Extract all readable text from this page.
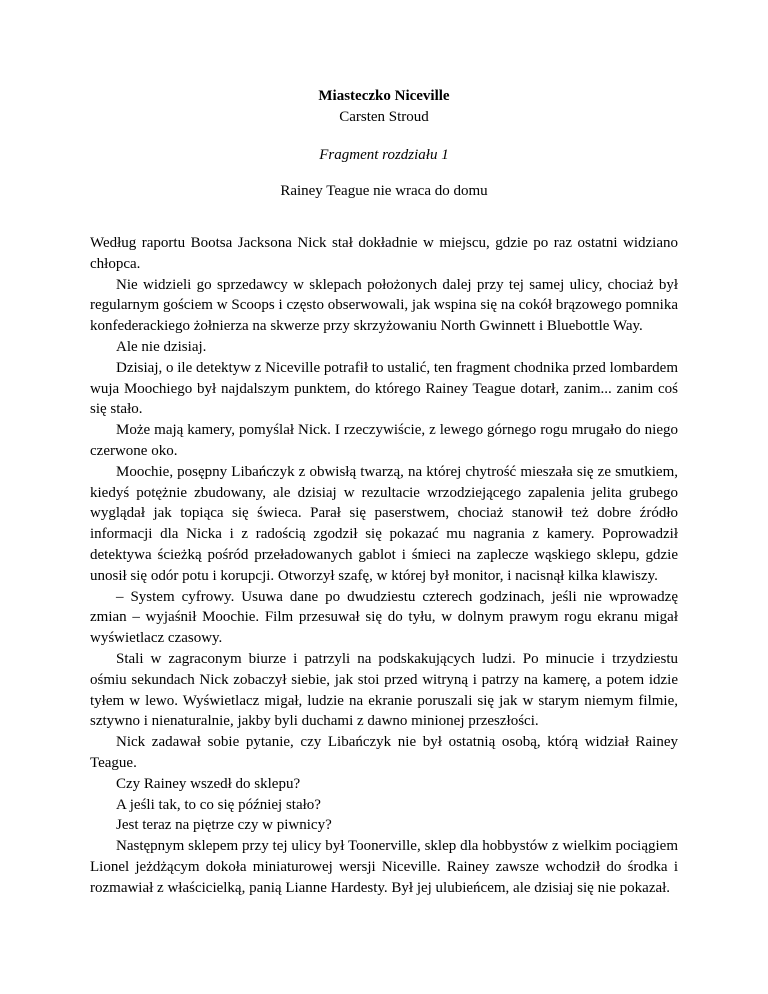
Miasteczko Niceville
Carsten Stroud
Fragment rozdziału 1
Rainey Teague nie wraca do domu

Według raportu Bootsa Jacksona Nick stał dokładnie w miejscu, gdzie po raz ostatni widziano chłopca.

Nie widzieli go sprzedawcy w sklepach położonych dalej przy tej samej ulicy, chociaż był regularnym gościem w Scoops i często obserwowali, jak wspina się na cokół brązowego pomnika konfederackiego żołnierza na skwerze przy skrzyżowaniu North Gwinnett i Bluebottle Way.

Ale nie dzisiaj.

Dzisiaj, o ile detektyw z Niceville potrafił to ustalić, ten fragment chodnika przed lombardem wuja Moochiego był najdalszym punktem, do którego Rainey Teague dotarł, zanim... zanim coś się stało.

Może mają kamery, pomyślał Nick. I rzeczywiście, z lewego górnego rogu mrugało do niego czerwone oko.

Moochie, posępny Libańczyk z obwisłą twarzą, na której chytrość mieszała się ze smutkiem, kiedyś potężnie zbudowany, ale dzisiaj w rezultacie wrzodziejącego zapalenia jelita grubego wyglądał jak topiąca się świeca. Parał się paserstwem, chociaż stanowił też dobre źródło informacji dla Nicka i z radością zgodził się pokazać mu nagrania z kamery. Poprowadził detektywa ścieżką pośród przeładowanych gablot i śmieci na zaplecze wąskiego sklepu, gdzie unosił się odór potu i korupcji. Otworzył szafę, w której był monitor, i nacisnął kilka klawiszy.

– System cyfrowy. Usuwa dane po dwudziestu czterech godzinach, jeśli nie wprowadzę zmian – wyjaśnił Moochie. Film przesuwał się do tyłu, w dolnym prawym rogu ekranu migał wyświetlacz czasowy.

Stali w zagraconym biurze i patrzyli na podskakujących ludzi. Po minucie i trzydziestu ośmiu sekundach Nick zobaczył siebie, jak stoi przed witryną i patrzy na kamerę, a potem idzie tyłem w lewo. Wyświetlacz migał, ludzie na ekranie poruszali się jak w starym niemym filmie, sztywno i nienaturalnie, jakby byli duchami z dawno minionej przeszłości.

Nick zadawał sobie pytanie, czy Libańczyk nie był ostatnią osobą, którą widział Rainey Teague.

Czy Rainey wszedł do sklepu?

A jeśli tak, to co się później stało?

Jest teraz na piętrze czy w piwnicy?

Następnym sklepem przy tej ulicy był Toonerville, sklep dla hobbystów z wielkim pociągiem Lionel jeżdżącym dokoła miniaturowej wersji Niceville. Rainey zawsze wchodził do środka i rozmawiał z właścicielką, panią Lianne Hardesty. Był jej ulubieńcem, ale dzisiaj się nie pokazał.
